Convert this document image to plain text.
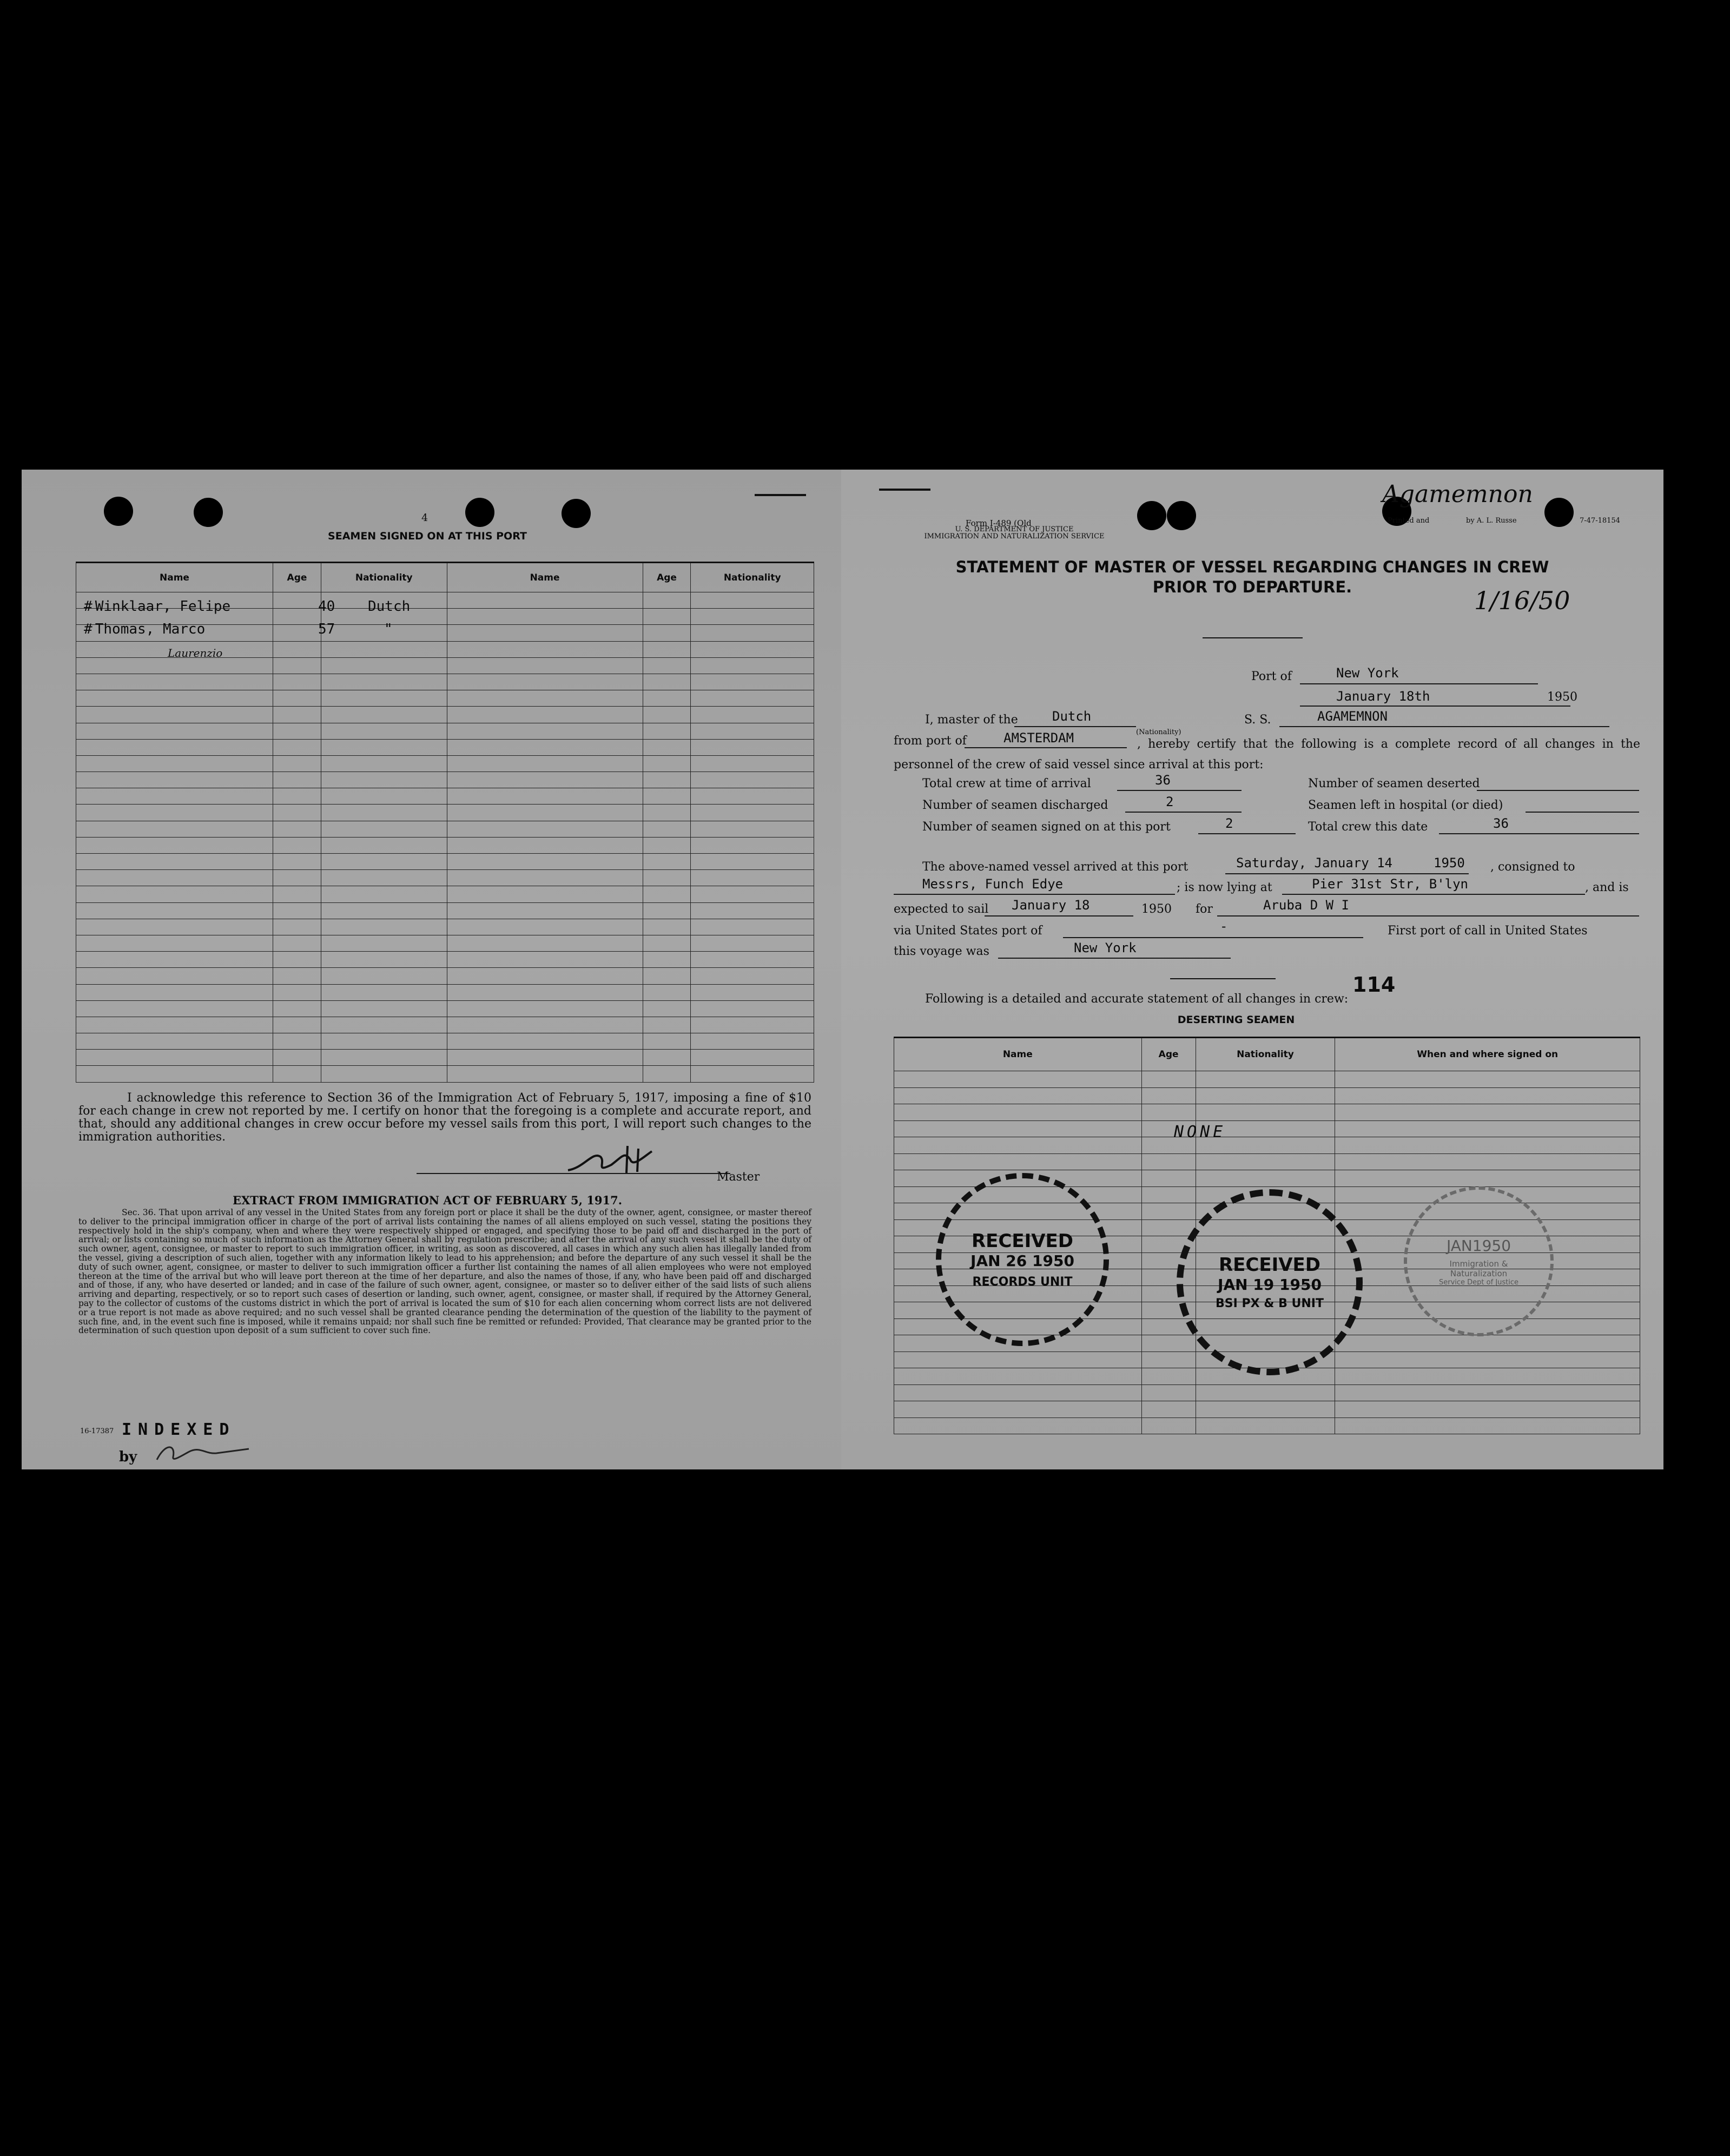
4
SEAMEN SIGNED ON AT THIS PORT
Name	Age	Nationality	Name	Age	Nationality

# Winklaar, Felipe	40 Dutch
# Thomas, Marco	57	"
Laurenzio
I acknowledge this reference to Section 36 of the Immigration Act of February 5, 1917, imposing a fine of $10 for each change in crew not reported by me. I certify on honor that the foregoing is a complete and accurate report, and that, should any additional changes in crew occur before my vessel sails from this port, I will report such changes to the immigration authorities.
Master
EXTRACT FROM IMMIGRATION ACT OF FEBRUARY 5, 1917.
Sec. 36. That upon arrival of any vessel in the United States from any foreign port or place it shall be the duty of the owner, agent, consignee, or master thereof to deliver to the principal immigration officer in charge of the port of arrival lists containing the names of all aliens employed on such vessel, stating the positions they respectively hold in the ship's company, when and where they were respectively shipped or engaged, and specifying those to be paid off and discharged in the port of arrival; or lists containing so much of such information as the Attorney General shall by regulation prescribe; and after the arrival of any such vessel it shall be the duty of such owner, agent, consignee, or master to report to such immigration officer, in writing, as soon as discovered, all cases in which any such alien has illegally landed from the vessel, giving a description of such alien, together with any information likely to lead to his apprehension; and before the departure of any such vessel it shall be the duty of such owner, agent, consignee, or master to deliver to such immigration officer a further list containing the names of all alien employees who were not employed thereon at the time of the arrival but who will leave port thereon at the time of her departure, and also the names of those, if any, who have been paid off and discharged and of those, if any, who have deserted or landed; and in case of the failure of such owner, agent, consignee, or master so to deliver either of the said lists of such aliens arriving and departing, respectively, or so to report such cases of desertion or landing, such owner, agent, consignee, or master shall, if required by the Attorney General, pay to the collector of customs of the customs district in which the port of arrival is located the sum of $10 for each alien concerning whom correct lists are not delivered or a true report is not made as above required; and no such vessel shall be granted clearance pending the determination of the question of the liability to the payment of such fine, and, in the event such fine is imposed, while it remains unpaid; nor shall such fine be remitted or refunded: Provided, That clearance may be granted prior to the determination of such question upon deposit of a sum sufficient to cover such fine.
16-17387 INDEXED
by
Form I-489 (Old
U. S. DEPARTMENT OF JUSTICE
IMMIGRATION AND NATURALIZATION SERVICE
Printed and	by A. L. Russe	7-47-18154
Agamemnon
1/16/50
STATEMENT OF MASTER OF VESSEL REGARDING CHANGES IN CREW
PRIOR TO DEPARTURE.
Port of	New York
January 18th	1950
I, master of the	Dutch
(Nationality)
S. S.	AGAMEMNON
from port of	AMSTERDAM	, hereby certify that the following is a complete record of all changes in the personnel of the crew of said vessel since arrival at this port:
Total crew at time of arrival	36	Number of seamen deserted
Number of seamen discharged	2	Seamen left in hospital (or died)
Number of seamen signed on at this port	2	Total crew this date	36
The above-named vessel arrived at this port	Saturday, January 14	1950 , consigned to
Messrs, Funch Edye	; is now lying at	Pier 31st Str, B'lyn	, and is
expected to sail January 18	1950 for	Aruba D W I
via United States port of	-	First port of call in United States
this voyage was	New York
114
Following is a detailed and accurate statement of all changes in crew:
DESERTING SEAMEN
Name	Age	Nationality	When and where signed on

NONE
RECEIVED
JAN 26 1950
RECORDS UNIT
RECEIVED
JAN 19 1950
BSI PX & B UNIT
JAN1950
Immigration &
Naturalization
Service Dept of Justice
